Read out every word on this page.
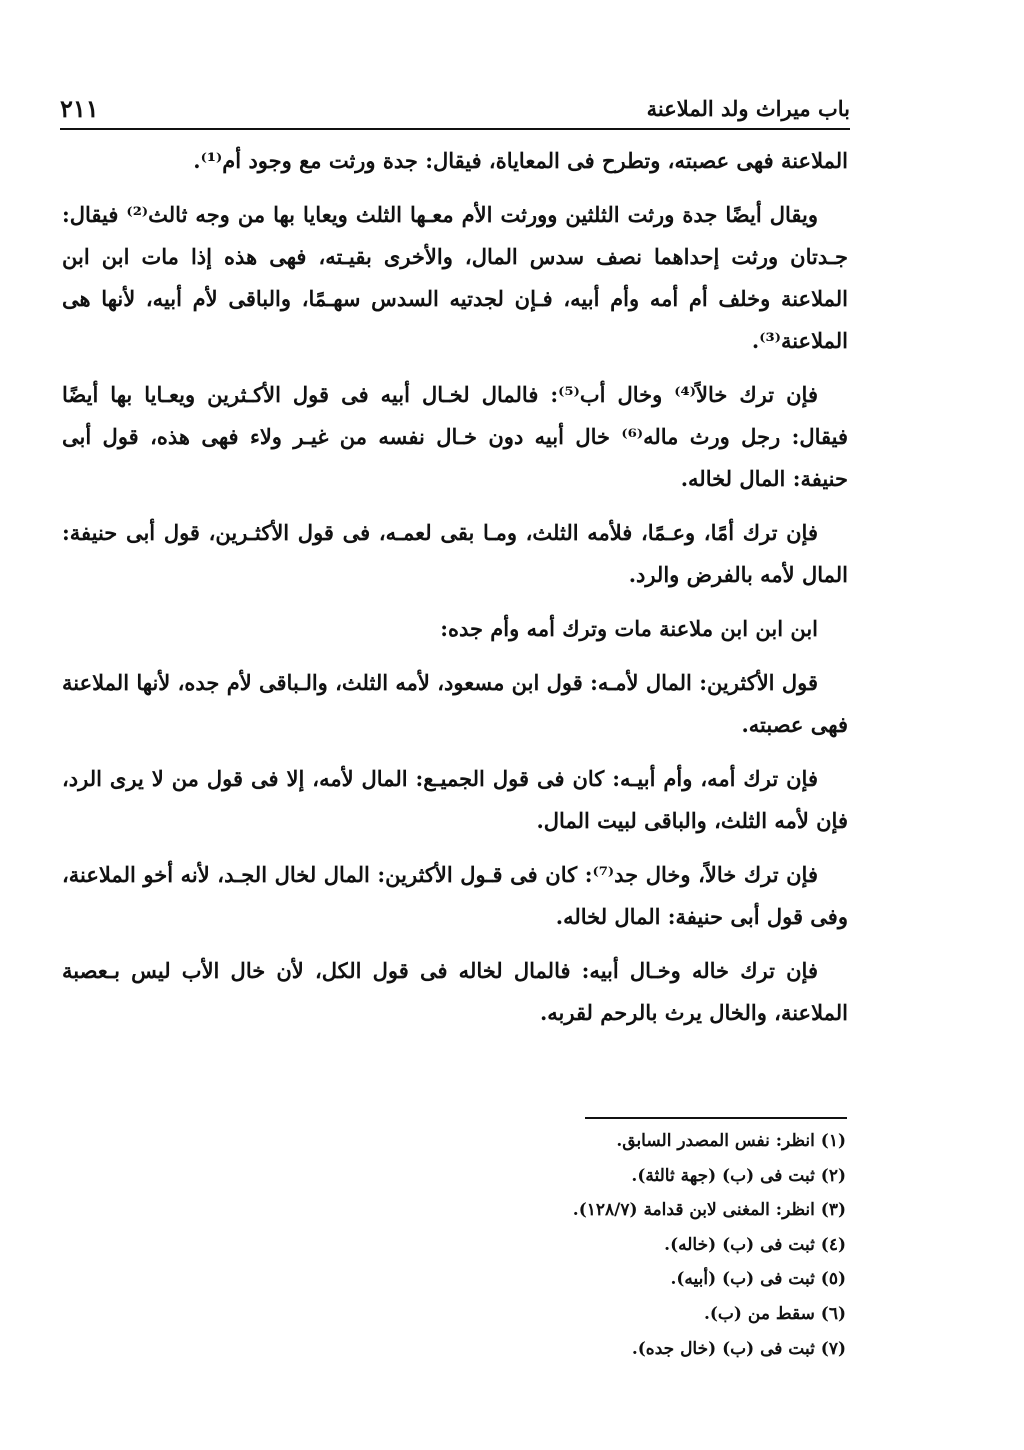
باب ميراث ولد الملاعنة
٢١١

الملاعنة فهى عصبته، وتطرح فى المعاياة، فيقال: جدة ورثت مع وجود أم⁽¹⁾.

ويقال أيضًا جدة ورثت الثلثين وورثت الأم معـها الثلث ويعايا بها من وجه ثالث⁽²⁾ فيقال: جـدتان ورثت إحداهما نصف سدس المال، والأخرى بقيـته، فهى هذه إذا مات ابن ابن الملاعنة وخلف أم أمه وأم أبيه، فـإن لجدتيه السدس سهـمًا، والباقى لأم أبيه، لأنها هى الملاعنة⁽³⁾.

فإن ترك خالاً⁽⁴⁾ وخال أب⁽⁵⁾: فالمال لخـال أبيه فى قول الأكـثرين ويعـايا بها أيضًا فيقال: رجل ورث ماله⁽⁶⁾ خال أبيه دون خـال نفسه من غيـر ولاء فهى هذه، قول أبى حنيفة: المال لخاله.

فإن ترك أمًا، وعـمًا، فلأمه الثلث، ومـا بقى لعمـه، فى قول الأكثـرين، قول أبى حنيفة: المال لأمه بالفرض والرد.

ابن ابن ابن ملاعنة مات وترك أمه وأم جده:

قول الأكثرين: المال لأمـه: قول ابن مسعود، لأمه الثلث، والـباقى لأم جده، لأنها الملاعنة فهى عصبته.

فإن ترك أمه، وأم أبيـه: كان فى قول الجميـع: المال لأمه، إلا فى قول من لا يرى الرد، فإن لأمه الثلث، والباقى لبيت المال.

فإن ترك خالاً، وخال جد⁽⁷⁾: كان فى قـول الأكثرين: المال لخال الجـد، لأنه أخو الملاعنة، وفى قول أبى حنيفة: المال لخاله.

فإن ترك خاله وخـال أبيه: فالمال لخاله فى قول الكل، لأن خال الأب ليس بـعصبة الملاعنة، والخال يرث بالرحم لقربه.

(١) انظر: نفس المصدر السابق.
(٢) ثبت فى (ب) (جهة ثالثة).
(٣) انظر: المغنى لابن قدامة (١٢٨/٧).
(٤) ثبت فى (ب) (خاله).
(٥) ثبت فى (ب) (أبيه).
(٦) سقط من (ب).
(٧) ثبت فى (ب) (خال جده).
